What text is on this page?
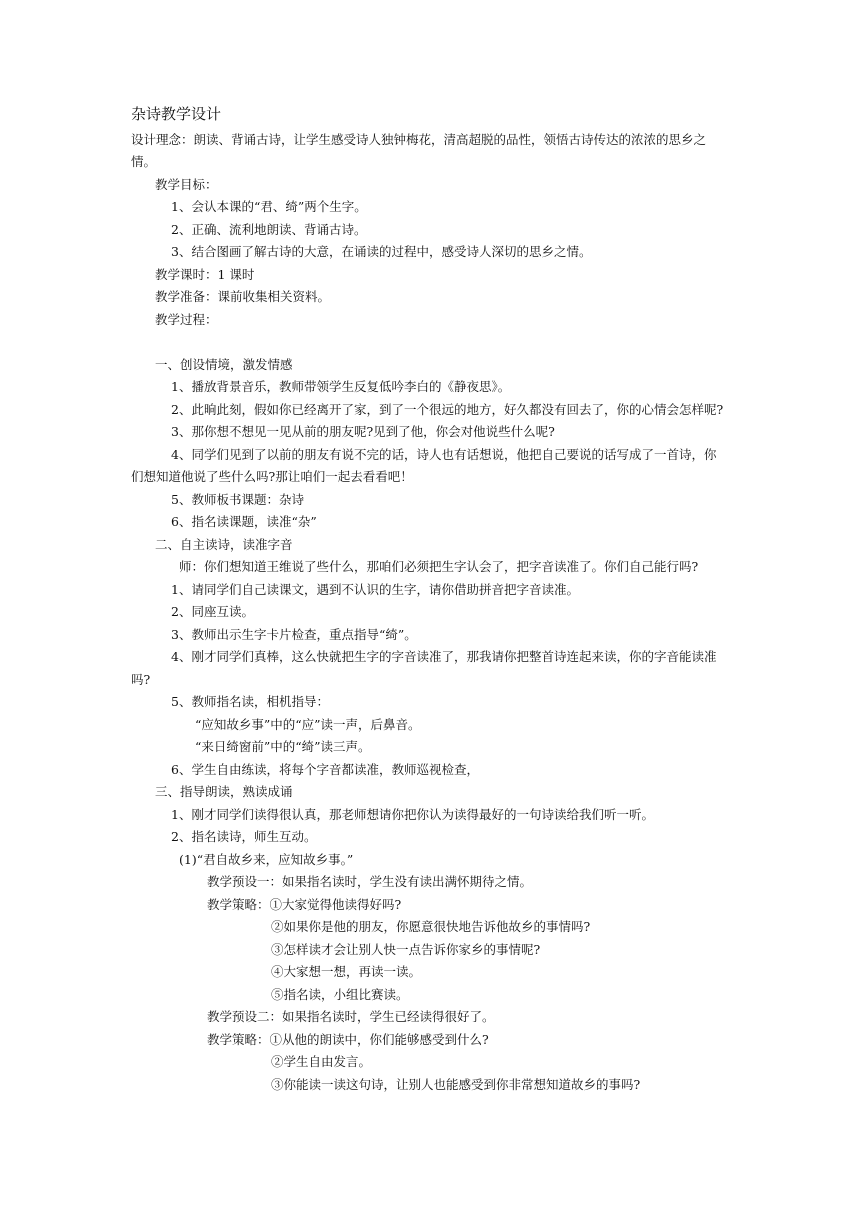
杂诗教学设计
设计理念：朗读、背诵古诗，让学生感受诗人独钟梅花，清高超脱的品性，领悟古诗传达的浓浓的思乡之
情。
教学目标：
1、会认本课的“君、绮”两个生字。
2、正确、流利地朗读、背诵古诗。
3、结合图画了解古诗的大意，在诵读的过程中，感受诗人深切的思乡之情。
教学课时：1 课时
教学准备：课前收集相关资料。
教学过程：
一、创设情境，激发情感
1、播放背景音乐，教师带领学生反复低吟李白的《静夜思》。
2、此晌此刻，假如你已经离开了家，到了一个很远的地方，好久都没有回去了，你的心情会怎样呢?
3、那你想不想见一见从前的朋友呢?见到了他，你会对他说些什么呢?
4、同学们见到了以前的朋友有说不完的话，诗人也有话想说，他把自己要说的话写成了一首诗，你
们想知道他说了些什么吗?那让咱们一起去看看吧！
5、教师板书课题：杂诗
6、指名读课题，读准“杂”
二、自主读诗，读准字音
师：你们想知道王维说了些什么，那咱们必须把生字认会了，把字音读准了。你们自己能行吗?
1、请同学们自己读课文，遇到不认识的生字，请你借助拼音把字音读准。
2、同座互读。
3、教师出示生字卡片检查，重点指导“绮”。
4、刚才同学们真棒，这么快就把生字的字音读准了，那我请你把整首诗连起来读，你的字音能读准
吗?
5、教师指名读，相机指导：
“应知故乡事”中的“应”读一声，后鼻音。
“来日绮窗前”中的“绮”读三声。
6、学生自由练读，将每个字音都读准，教师巡视检查，
三、指导朗读，熟读成诵
1、刚才同学们读得很认真，那老师想请你把你认为读得最好的一句诗读给我们听一听。
2、指名读诗，师生互动。
(1)“君自故乡来，应知故乡事。”
教学预设一：如果指名读时，学生没有读出满怀期待之情。
教学策略：①大家觉得他读得好吗?
②如果你是他的朋友，你愿意很快地告诉他故乡的事情吗?
③怎样读才会让别人快一点告诉你家乡的事情呢?
④大家想一想，再读一读。
⑤指名读，小组比赛读。
教学预设二：如果指名读时，学生已经读得很好了。
教学策略：①从他的朗读中，你们能够感受到什么?
②学生自由发言。
③你能读一读这句诗，让别人也能感受到你非常想知道故乡的事吗?
